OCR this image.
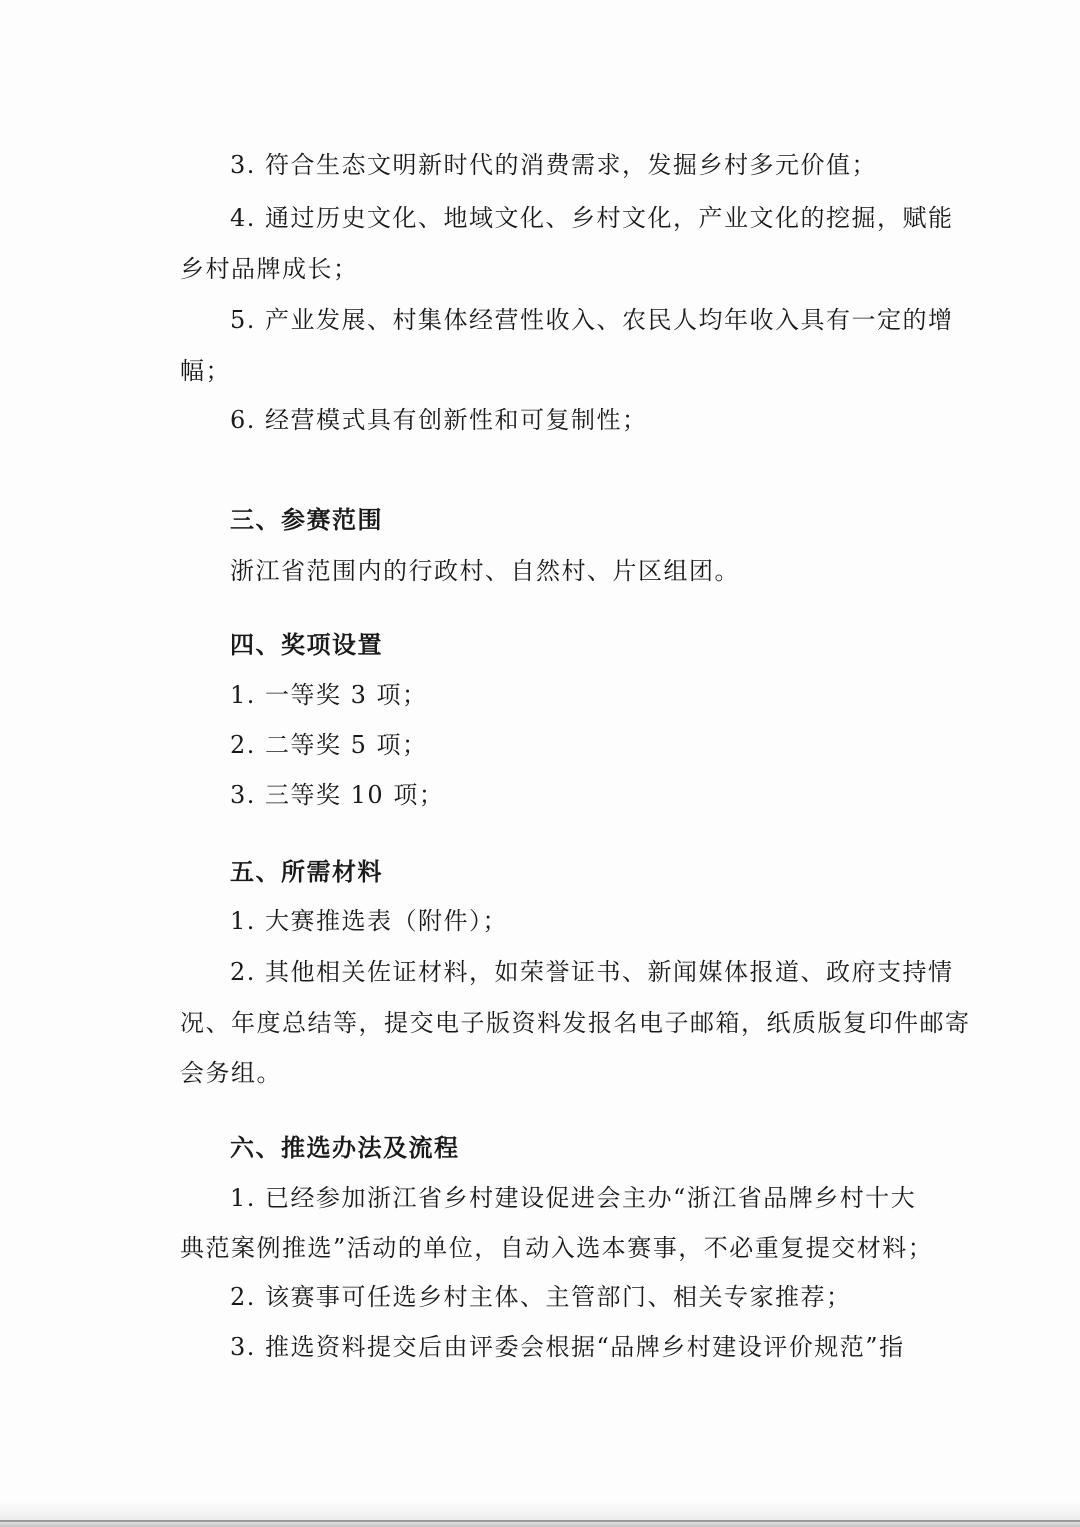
3. 符合生态文明新时代的消费需求，发掘乡村多元价值；
4. 通过历史文化、地域文化、乡村文化，产业文化的挖掘，赋能
乡村品牌成长；
5. 产业发展、村集体经营性收入、农民人均年收入具有一定的增
幅；
6. 经营模式具有创新性和可复制性；
三、参赛范围
浙江省范围内的行政村、自然村、片区组团。
四、奖项设置
1. 一等奖 3 项；
2. 二等奖 5 项；
3. 三等奖 10 项；
五、所需材料
1. 大赛推选表（附件）；
2. 其他相关佐证材料，如荣誉证书、新闻媒体报道、政府支持情
况、年度总结等，提交电子版资料发报名电子邮箱，纸质版复印件邮寄
会务组。
六、推选办法及流程
1. 已经参加浙江省乡村建设促进会主办“浙江省品牌乡村十大
典范案例推选”活动的单位，自动入选本赛事，不必重复提交材料；
2. 该赛事可任选乡村主体、主管部门、相关专家推荐；
3. 推选资料提交后由评委会根据“品牌乡村建设评价规范”指
